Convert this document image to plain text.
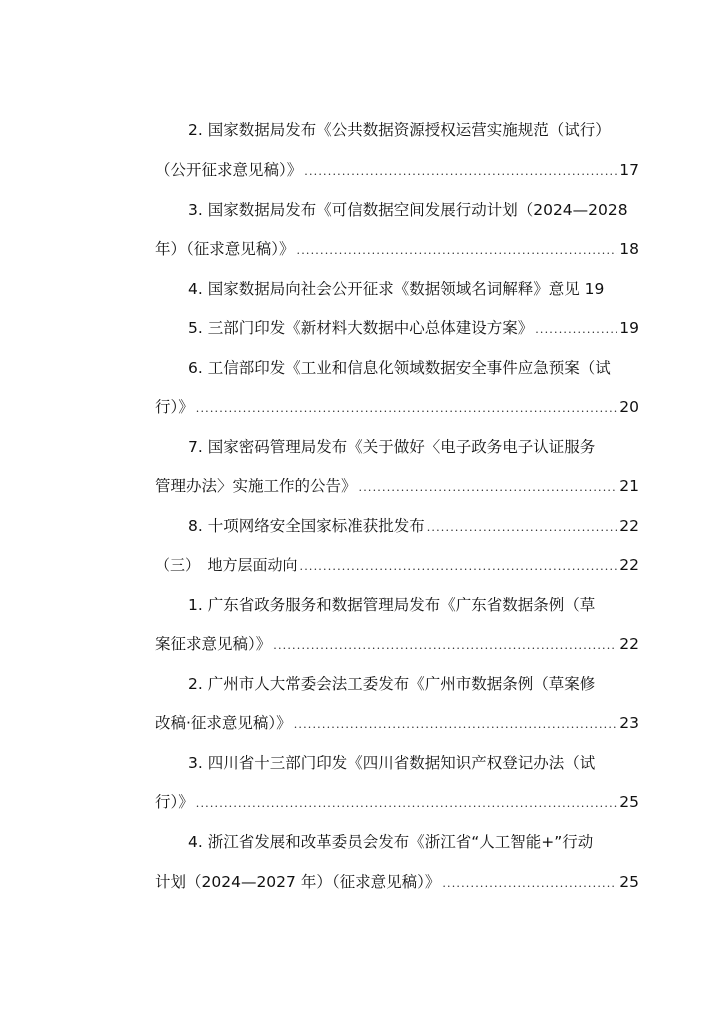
2. 国家数据局发布《公共数据资源授权运营实施规范（试行）
（公开征求意见稿）》 .....	17
3. 国家数据局发布《可信数据空间发展行动计划（2024—2028
年）（征求意见稿）》 .....	18
4. 国家数据局向社会公开征求《数据领域名词解释》意见 19
5. 三部门印发《新材料大数据中心总体建设方案》 .....	19
6. 工信部印发《工业和信息化领域数据安全事件应急预案（试
行）》 .....	20
7. 国家密码管理局发布《关于做好〈电子政务电子认证服务
管理办法〉实施工作的公告》 .....	21
8. 十项网络安全国家标准获批发布 .....	22
（三）　地方层面动向 .....	22
1. 广东省政务服务和数据管理局发布《广东省数据条例（草
案征求意见稿）》 .....	22
2. 广州市人大常委会法工委发布《广州市数据条例（草案修
改稿·征求意见稿）》 .....	23
3. 四川省十三部门印发《四川省数据知识产权登记办法（试
行）》 .....	25
4. 浙江省发展和改革委员会发布《浙江省“人工智能+”行动
计划（2024—2027 年）（征求意见稿）》 .....	25
